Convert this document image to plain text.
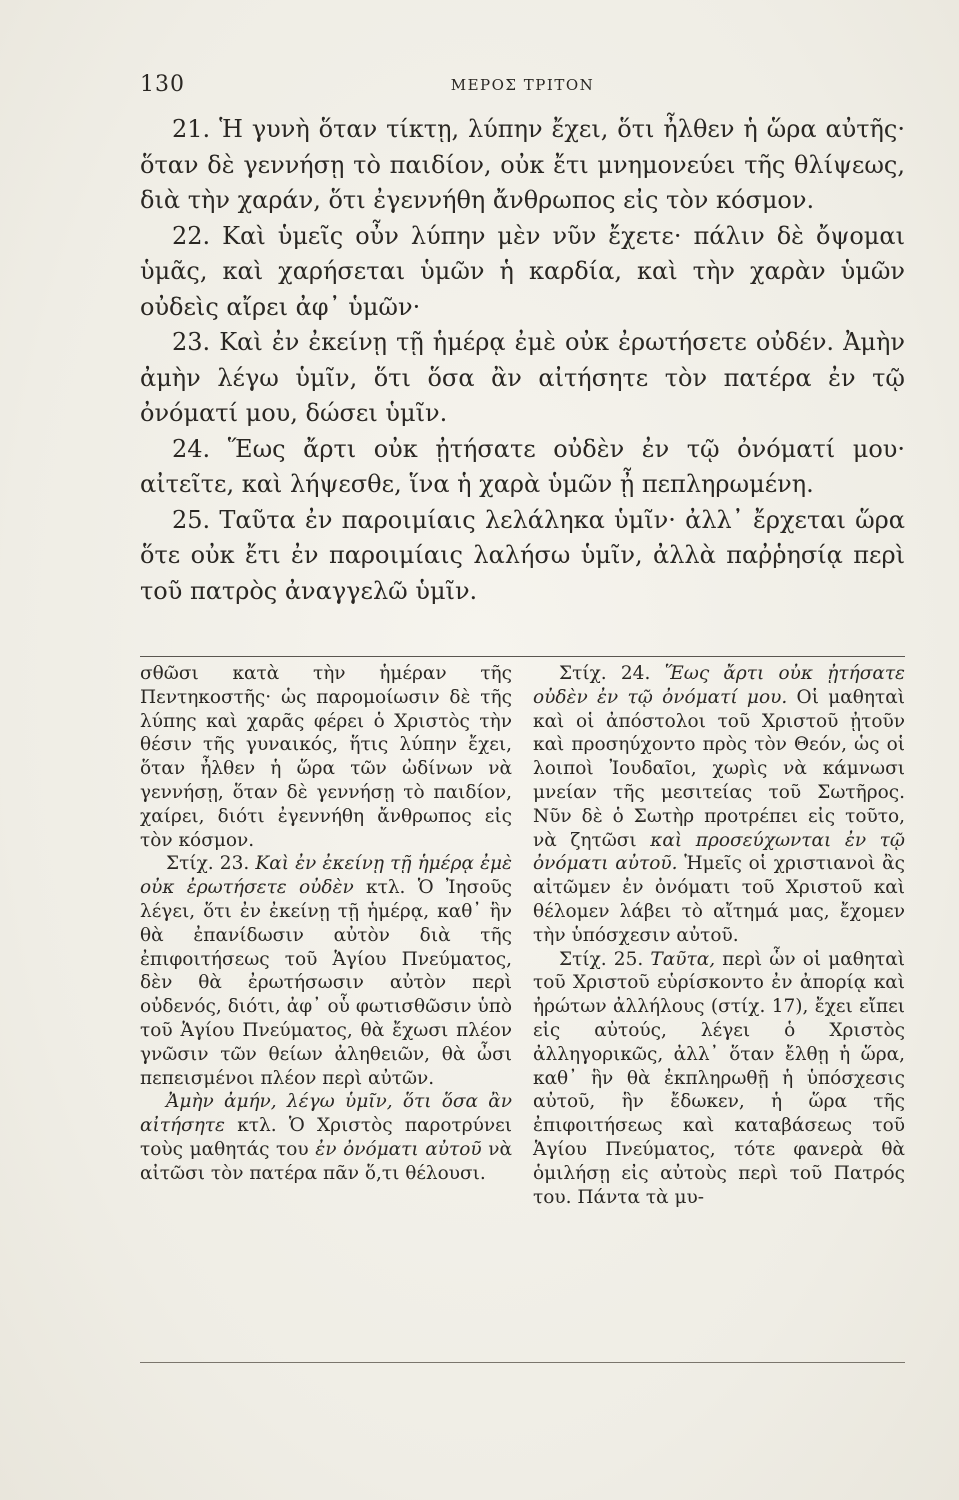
130	ΜΕΡΟΣ ΤΡΙΤΟΝ

21. Ἡ γυνὴ ὅταν τίκτῃ, λύπην ἔχει, ὅτι ἦλθεν ἡ ὥρα αὐτῆς· ὅταν δὲ γεννήσῃ τὸ παιδίον, οὐκ ἔτι μνημονεύει τῆς θλίψεως, διὰ τὴν χαράν, ὅτι ἐγεννήθη ἄνθρωπος εἰς τὸν κόσμον.

22. Καὶ ὑμεῖς οὖν λύπην μὲν νῦν ἔχετε· πάλιν δὲ ὄψομαι ὑμᾶς, καὶ χαρήσεται ὑμῶν ἡ καρδία, καὶ τὴν χαρὰν ὑμῶν οὐδεὶς αἴρει ἀφ᾿ ὑμῶν·

23. Καὶ ἐν ἐκείνῃ τῇ ἡμέρᾳ ἐμὲ οὐκ ἐρωτήσετε οὐδέν. Ἀμὴν ἀμὴν λέγω ὑμῖν, ὅτι ὅσα ἂν αἰτήσητε τὸν πατέρα ἐν τῷ ὀνόματί μου, δώσει ὑμῖν.

24. Ἕως ἄρτι οὐκ ᾐτήσατε οὐδὲν ἐν τῷ ὀνόματί μου· αἰτεῖτε, καὶ λήψεσθε, ἵνα ἡ χαρὰ ὑμῶν ᾖ πεπληρωμένη.

25. Ταῦτα ἐν παροιμίαις λελάληκα ὑμῖν· ἀλλ᾿ ἔρχεται ὥρα ὅτε οὐκ ἔτι ἐν παροιμίαις λαλήσω ὑμῖν, ἀλλὰ παῤῥησίᾳ περὶ τοῦ πατρὸς ἀναγγελῶ ὑμῖν.

σθῶσι κατὰ τὴν ἡμέραν τῆς Πεντηκοστῆς· ὡς παρομοίωσιν δὲ τῆς λύπης καὶ χαρᾶς φέρει ὁ Χριστὸς τὴν θέσιν τῆς γυναικός, ἥτις λύπην ἔχει, ὅταν ἦλθεν ἡ ὥρα τῶν ὠδίνων νὰ γεννήσῃ, ὅταν δὲ γεννήσῃ τὸ παιδίον, χαίρει, διότι ἐγεννήθη ἄνθρωπος εἰς τὸν κόσμον.

Στίχ. 23. Καὶ ἐν ἐκείνῃ τῇ ἡμέρᾳ ἐμὲ οὐκ ἐρωτήσετε οὐδὲν κτλ. Ὁ Ἰησοῦς λέγει, ὅτι ἐν ἐκείνῃ τῇ ἡμέρᾳ, καθ᾿ ἣν θὰ ἐπανίδωσιν αὐτὸν διὰ τῆς ἐπιφοιτήσεως τοῦ Ἁγίου Πνεύματος, δὲν θὰ ἐρωτήσωσιν αὐτὸν περὶ οὐδενός, διότι, ἀφ᾿ οὗ φωτισθῶσιν ὑπὸ τοῦ Ἁγίου Πνεύματος, θὰ ἔχωσι πλέον γνῶσιν τῶν θείων ἀληθειῶν, θὰ ὦσι πεπεισμένοι πλέον περὶ αὐτῶν.

Ἀμὴν ἀμήν, λέγω ὑμῖν, ὅτι ὅσα ἂν αἰτήσητε κτλ. Ὁ Χριστὸς παροτρύνει τοὺς μαθητάς του ἐν ὀνόματι αὐτοῦ νὰ αἰτῶσι τὸν πατέρα πᾶν ὅ,τι θέλουσι.

Στίχ. 24. Ἕως ἄρτι οὐκ ᾐτήσατε οὐδὲν ἐν τῷ ὀνόματί μου. Οἱ μαθηταὶ καὶ οἱ ἀπόστολοι τοῦ Χριστοῦ ᾐτοῦν καὶ προσηύχοντο πρὸς τὸν Θεόν, ὡς οἱ λοιποὶ Ἰουδαῖοι, χωρὶς νὰ κάμνωσι μνείαν τῆς μεσιτείας τοῦ Σωτῆρος. Νῦν δὲ ὁ Σωτὴρ προτρέπει εἰς τοῦτο, νὰ ζητῶσι καὶ προσεύχωνται ἐν τῷ ὀνόματι αὐτοῦ. Ἡμεῖς οἱ χριστιανοὶ ἂς αἰτῶμεν ἐν ὀνόματι τοῦ Χριστοῦ καὶ θέλομεν λάβει τὸ αἴτημά μας, ἔχομεν τὴν ὑπόσχεσιν αὐτοῦ.

Στίχ. 25. Ταῦτα, περὶ ὧν οἱ μαθηταὶ τοῦ Χριστοῦ εὑρίσκοντο ἐν ἀπορίᾳ καὶ ἠρώτων ἀλλήλους (στίχ. 17), ἔχει εἴπει εἰς αὐτούς, λέγει ὁ Χριστὸς ἀλληγορικῶς, ἀλλ᾿ ὅταν ἔλθῃ ἡ ὥρα, καθ᾿ ἣν θὰ ἐκπληρωθῇ ἡ ὑπόσχεσις αὐτοῦ, ἣν ἔδωκεν, ἡ ὥρα τῆς ἐπιφοιτήσεως καὶ καταβάσεως τοῦ Ἁγίου Πνεύματος, τότε φανερὰ θὰ ὁμιλήσῃ εἰς αὐτοὺς περὶ τοῦ Πατρός του. Πάντα τὰ μυ-
